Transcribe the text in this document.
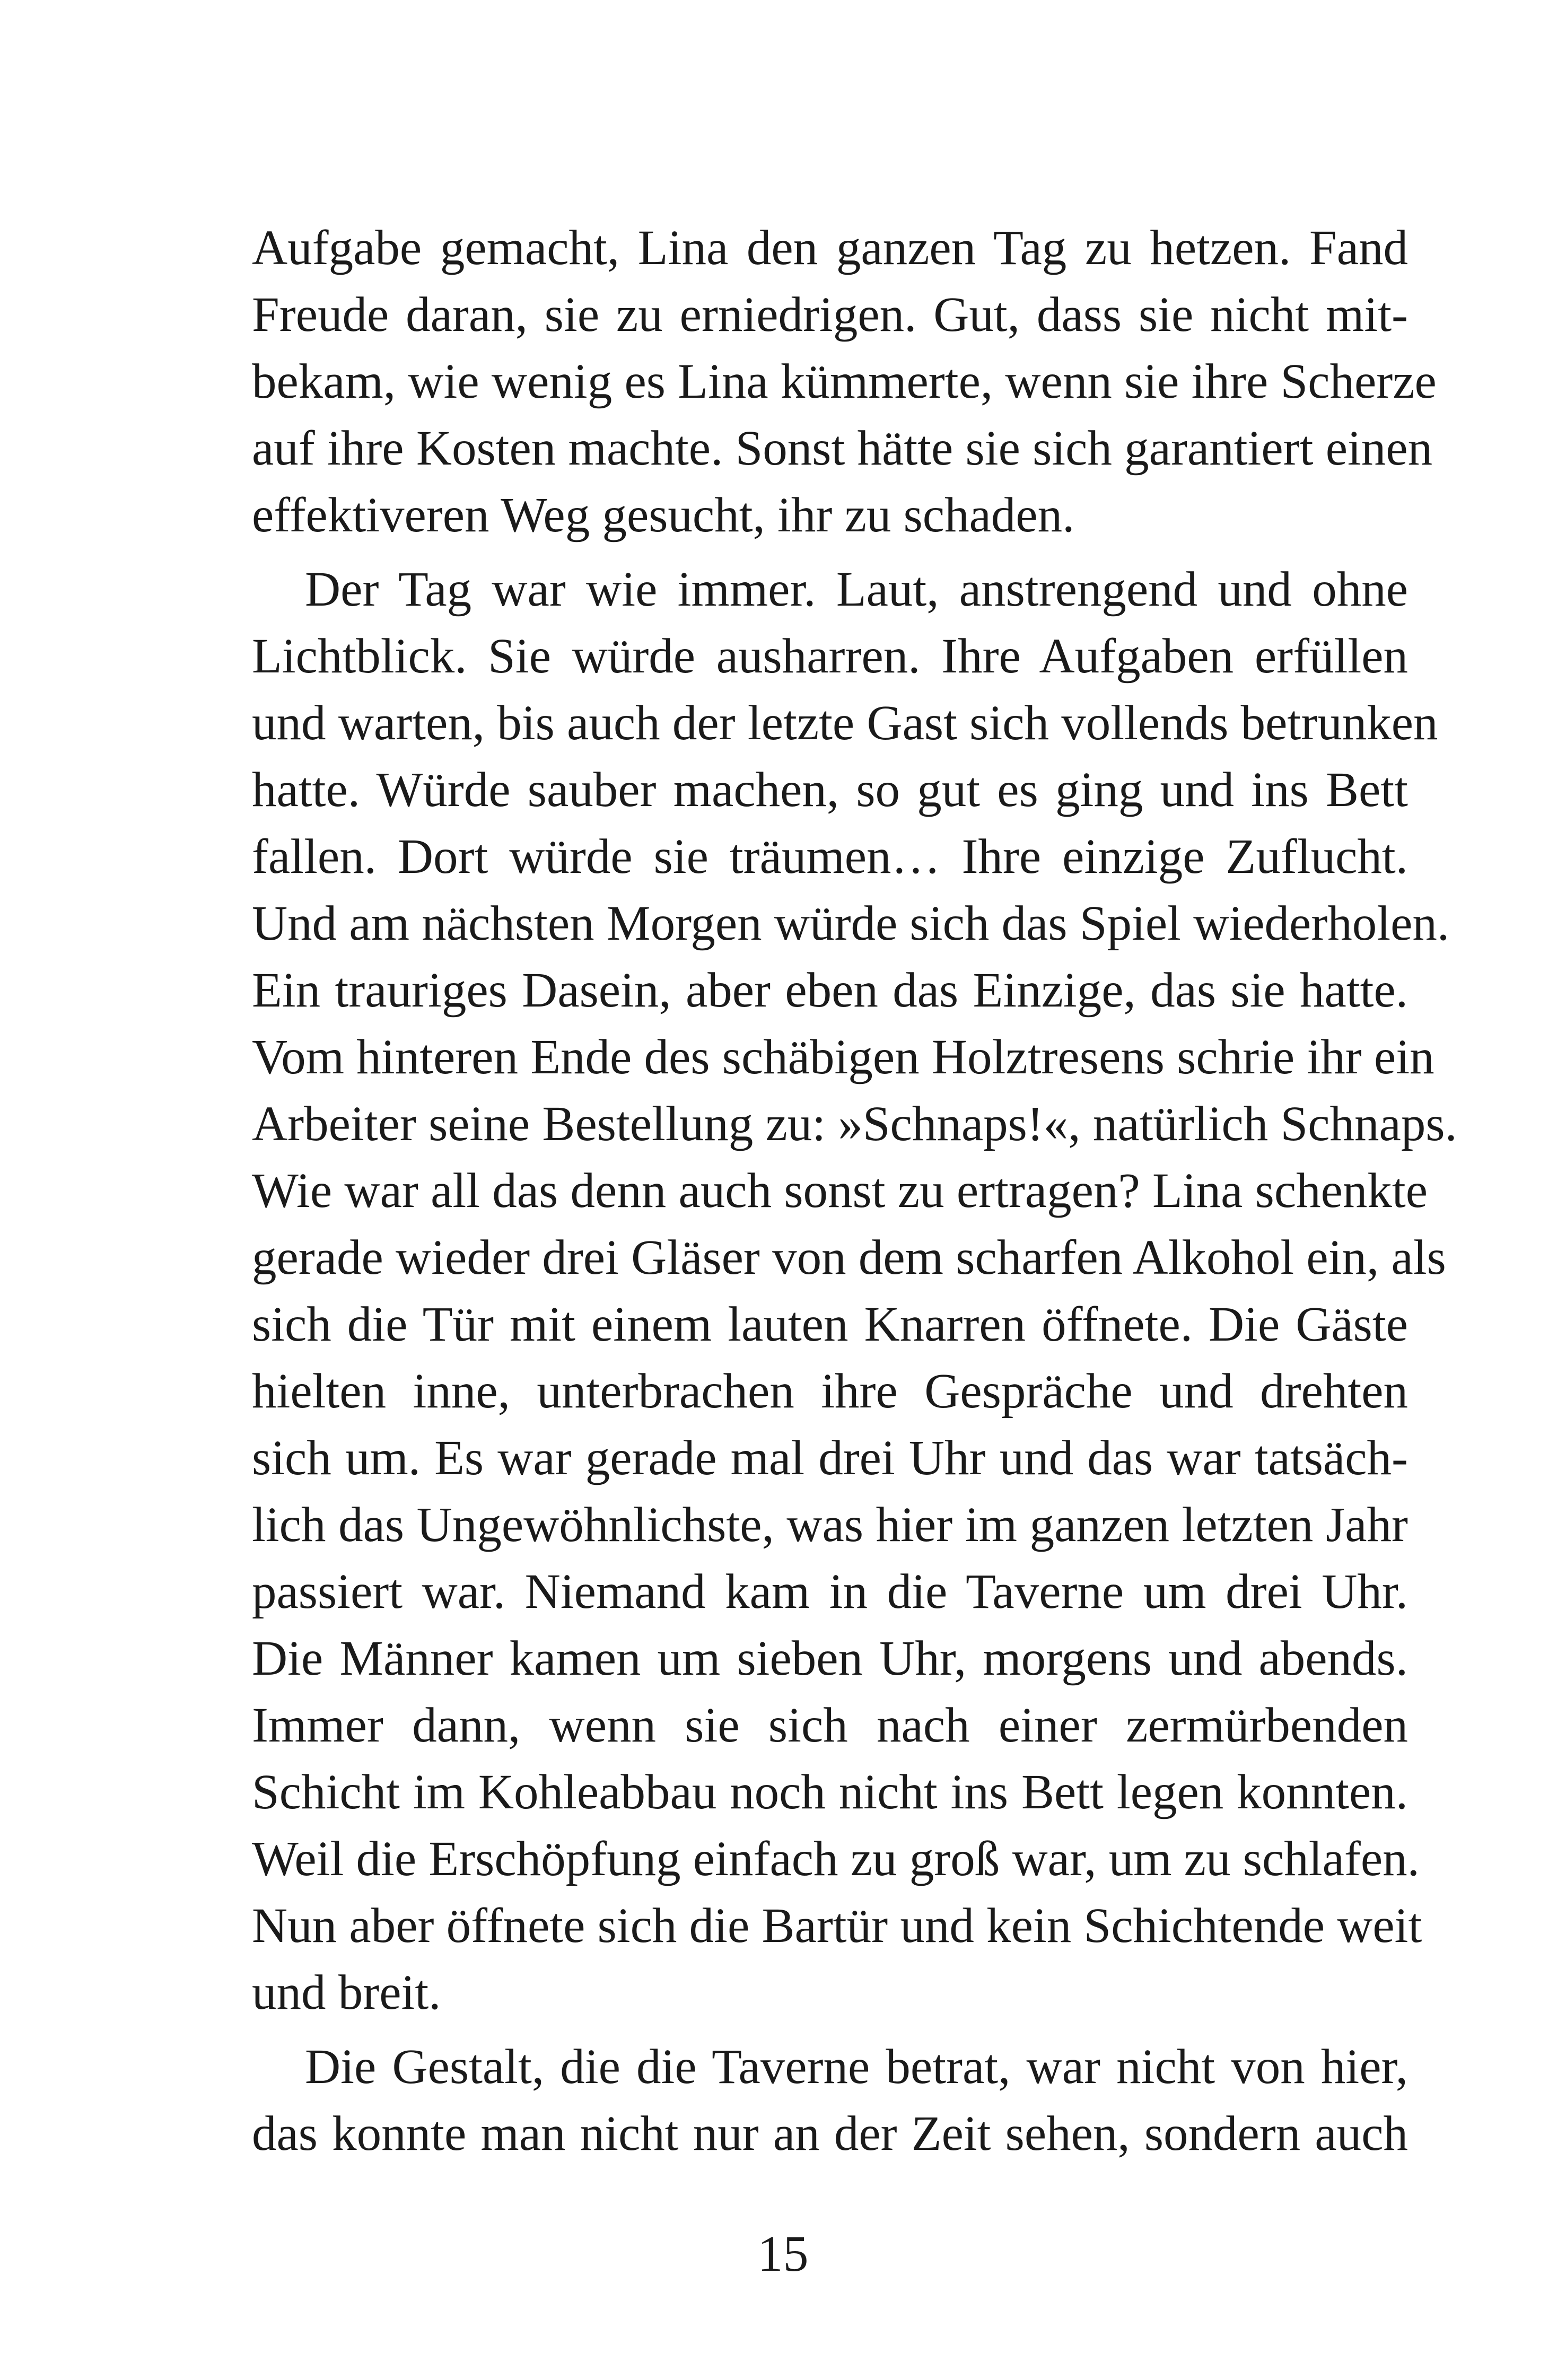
Aufgabe gemacht, Lina den ganzen Tag zu hetzen. Fand
Freude daran, sie zu erniedrigen. Gut, dass sie nicht mit-
bekam, wie wenig es Lina kümmerte, wenn sie ihre Scherze
auf ihre Kosten machte. Sonst hätte sie sich garantiert einen
effektiveren Weg gesucht, ihr zu schaden.
Der Tag war wie immer. Laut, anstrengend und ohne
Lichtblick. Sie würde ausharren. Ihre Aufgaben erfüllen
und warten, bis auch der letzte Gast sich vollends betrunken
hatte. Würde sauber machen, so gut es ging und ins Bett
fallen. Dort würde sie träumen… Ihre einzige Zuflucht.
Und am nächsten Morgen würde sich das Spiel wiederholen.
Ein trauriges Dasein, aber eben das Einzige, das sie hatte.
Vom hinteren Ende des schäbigen Holztresens schrie ihr ein
Arbeiter seine Bestellung zu: »Schnaps!«, natürlich Schnaps.
Wie war all das denn auch sonst zu ertragen? Lina schenkte
gerade wieder drei Gläser von dem scharfen Alkohol ein, als
sich die Tür mit einem lauten Knarren öffnete. Die Gäste
hielten inne, unterbrachen ihre Gespräche und drehten
sich um. Es war gerade mal drei Uhr und das war tatsäch-
lich das Ungewöhnlichste, was hier im ganzen letzten Jahr
passiert war. Niemand kam in die Taverne um drei Uhr.
Die Männer kamen um sieben Uhr, morgens und abends.
Immer dann, wenn sie sich nach einer zermürbenden
Schicht im Kohleabbau noch nicht ins Bett legen konnten.
Weil die Erschöpfung einfach zu groß war, um zu schlafen.
Nun aber öffnete sich die Bartür und kein Schichtende weit
und breit.
Die Gestalt, die die Taverne betrat, war nicht von hier,
das konnte man nicht nur an der Zeit sehen, sondern auch
15
